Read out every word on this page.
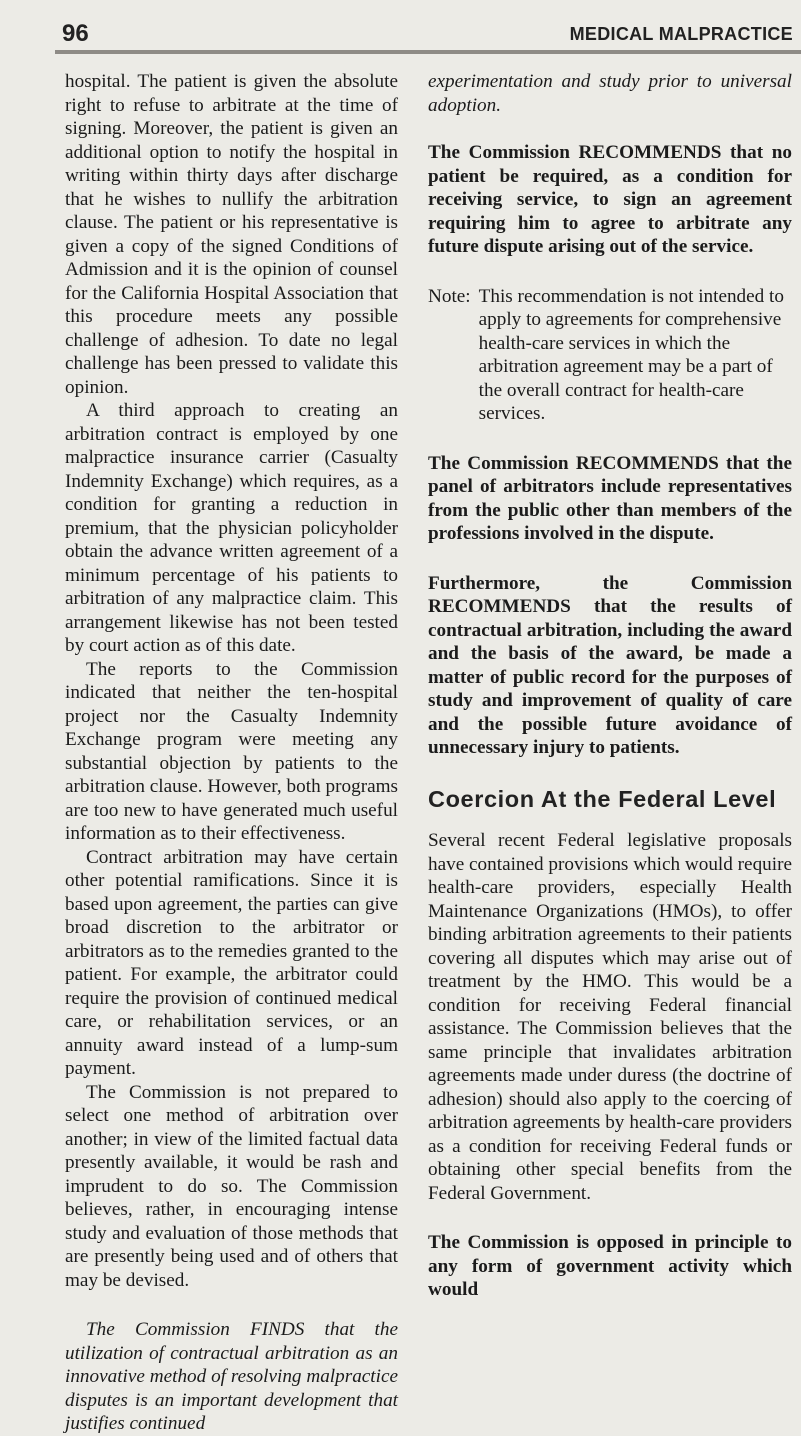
96	MEDICAL MALPRACTICE

hospital. The patient is given the absolute right to refuse to arbitrate at the time of signing. Moreover, the patient is given an additional option to notify the hospital in writing within thirty days after discharge that he wishes to nullify the arbitration clause. The patient or his representative is given a copy of the signed Conditions of Admission and it is the opinion of counsel for the California Hospital Association that this procedure meets any possible challenge of adhesion. To date no legal challenge has been pressed to validate this opinion.

A third approach to creating an arbitration contract is employed by one malpractice insurance carrier (Casualty Indemnity Exchange) which requires, as a condition for granting a reduction in premium, that the physician policyholder obtain the advance written agreement of a minimum percentage of his patients to arbitration of any malpractice claim. This arrangement likewise has not been tested by court action as of this date.

The reports to the Commission indicated that neither the ten-hospital project nor the Casualty Indemnity Exchange program were meeting any substantial objection by patients to the arbitration clause. However, both programs are too new to have generated much useful information as to their effectiveness.

Contract arbitration may have certain other potential ramifications. Since it is based upon agreement, the parties can give broad discretion to the arbitrator or arbitrators as to the remedies granted to the patient. For example, the arbitrator could require the provision of continued medical care, or rehabilitation services, or an annuity award instead of a lump-sum payment.

The Commission is not prepared to select one method of arbitration over another; in view of the limited factual data presently available, it would be rash and imprudent to do so. The Commission believes, rather, in encouraging intense study and evaluation of those methods that are presently being used and of others that may be devised.

The Commission FINDS that the utilization of contractual arbitration as an innovative method of resolving malpractice disputes is an important development that justifies continued

experimentation and study prior to universal adoption.

The Commission RECOMMENDS that no patient be required, as a condition for receiving service, to sign an agreement requiring him to agree to arbitrate any future dispute arising out of the service.

Note: This recommendation is not intended to apply to agreements for comprehensive health-care services in which the arbitration agreement may be a part of the overall contract for health-care services.

The Commission RECOMMENDS that the panel of arbitrators include representatives from the public other than members of the professions involved in the dispute.

Furthermore, the Commission RECOMMENDS that the results of contractual arbitration, including the award and the basis of the award, be made a matter of public record for the purposes of study and improvement of quality of care and the possible future avoidance of unnecessary injury to patients.

Coercion At the Federal Level

Several recent Federal legislative proposals have contained provisions which would require health-care providers, especially Health Maintenance Organizations (HMOs), to offer binding arbitration agreements to their patients covering all disputes which may arise out of treatment by the HMO. This would be a condition for receiving Federal financial assistance. The Commission believes that the same principle that invalidates arbitration agreements made under duress (the doctrine of adhesion) should also apply to the coercing of arbitration agreements by health-care providers as a condition for receiving Federal funds or obtaining other special benefits from the Federal Government.

The Commission is opposed in principle to any form of government activity which would
